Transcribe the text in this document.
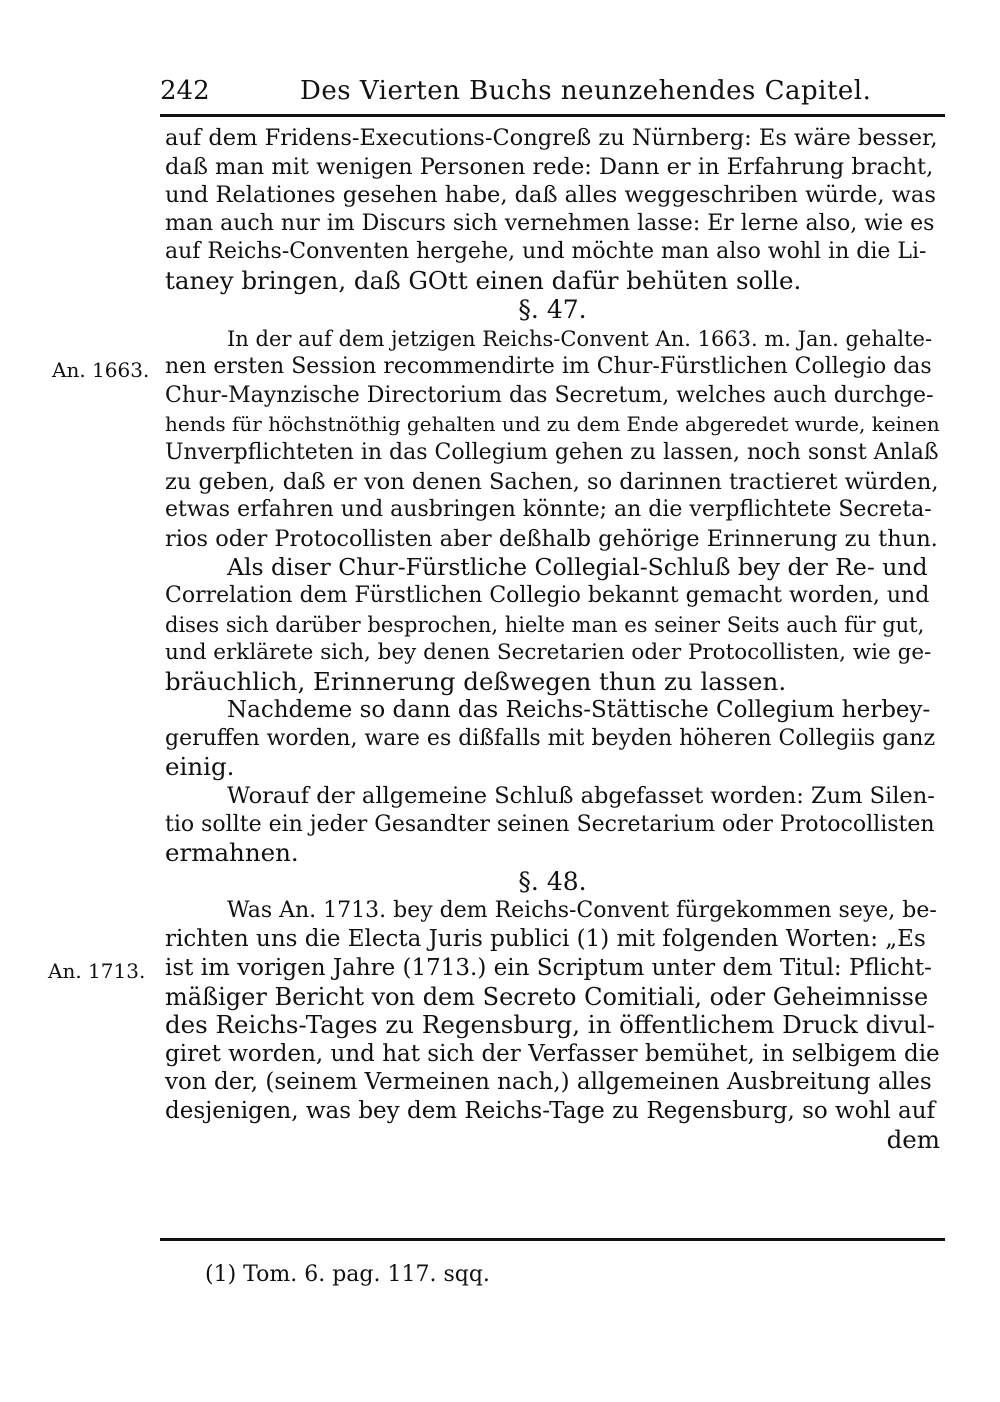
242	Des Vierten Buchs neunzehendes Capitel.
An. 1663.
An. 1713.
auf dem Fridens-Executions-Congreß zu Nürnberg: Es wäre besser,
daß man mit wenigen Personen rede: Dann er in Erfahrung bracht,
und Relationes gesehen habe, daß alles weggeschriben würde, was
man auch nur im Discurs sich vernehmen lasse: Er lerne also, wie es
auf Reichs-Conventen hergehe, und möchte man also wohl in die Li-
taney bringen, daß GOtt einen dafür behüten solle.
§. 47.
In der auf dem jetzigen Reichs-Convent An. 1663. m. Jan. gehalte-
nen ersten Session recommendirte im Chur-Fürstlichen Collegio das
Chur-Maynzische Directorium das Secretum, welches auch durchge-
hends für höchstnöthig gehalten und zu dem Ende abgeredet wurde, keinen
Unverpflichteten in das Collegium gehen zu lassen, noch sonst Anlaß
zu geben, daß er von denen Sachen, so darinnen tractieret würden,
etwas erfahren und ausbringen könnte; an die verpflichtete Secreta-
rios oder Protocollisten aber deßhalb gehörige Erinnerung zu thun.
Als diser Chur-Fürstliche Collegial-Schluß bey der Re- und
Correlation dem Fürstlichen Collegio bekannt gemacht worden, und
dises sich darüber besprochen, hielte man es seiner Seits auch für gut,
und erklärete sich, bey denen Secretarien oder Protocollisten, wie ge-
bräuchlich, Erinnerung deßwegen thun zu lassen.
Nachdeme so dann das Reichs-Stättische Collegium herbey-
geruffen worden, ware es dißfalls mit beyden höheren Collegiis ganz
einig.
Worauf der allgemeine Schluß abgefasset worden: Zum Silen-
tio sollte ein jeder Gesandter seinen Secretarium oder Protocollisten
ermahnen.
§. 48.
Was An. 1713. bey dem Reichs-Convent fürgekommen seye, be-
richten uns die Electa Juris publici (1) mit folgenden Worten: „Es
ist im vorigen Jahre (1713.) ein Scriptum unter dem Titul: Pflicht-
mäßiger Bericht von dem Secreto Comitiali, oder Geheimnisse
des Reichs-Tages zu Regensburg, in öffentlichem Druck divul-
giret worden, und hat sich der Verfasser bemühet, in selbigem die
von der, (seinem Vermeinen nach,) allgemeinen Ausbreitung alles
desjenigen, was bey dem Reichs-Tage zu Regensburg, so wohl auf
dem
(1) Tom. 6. pag. 117. sqq.
